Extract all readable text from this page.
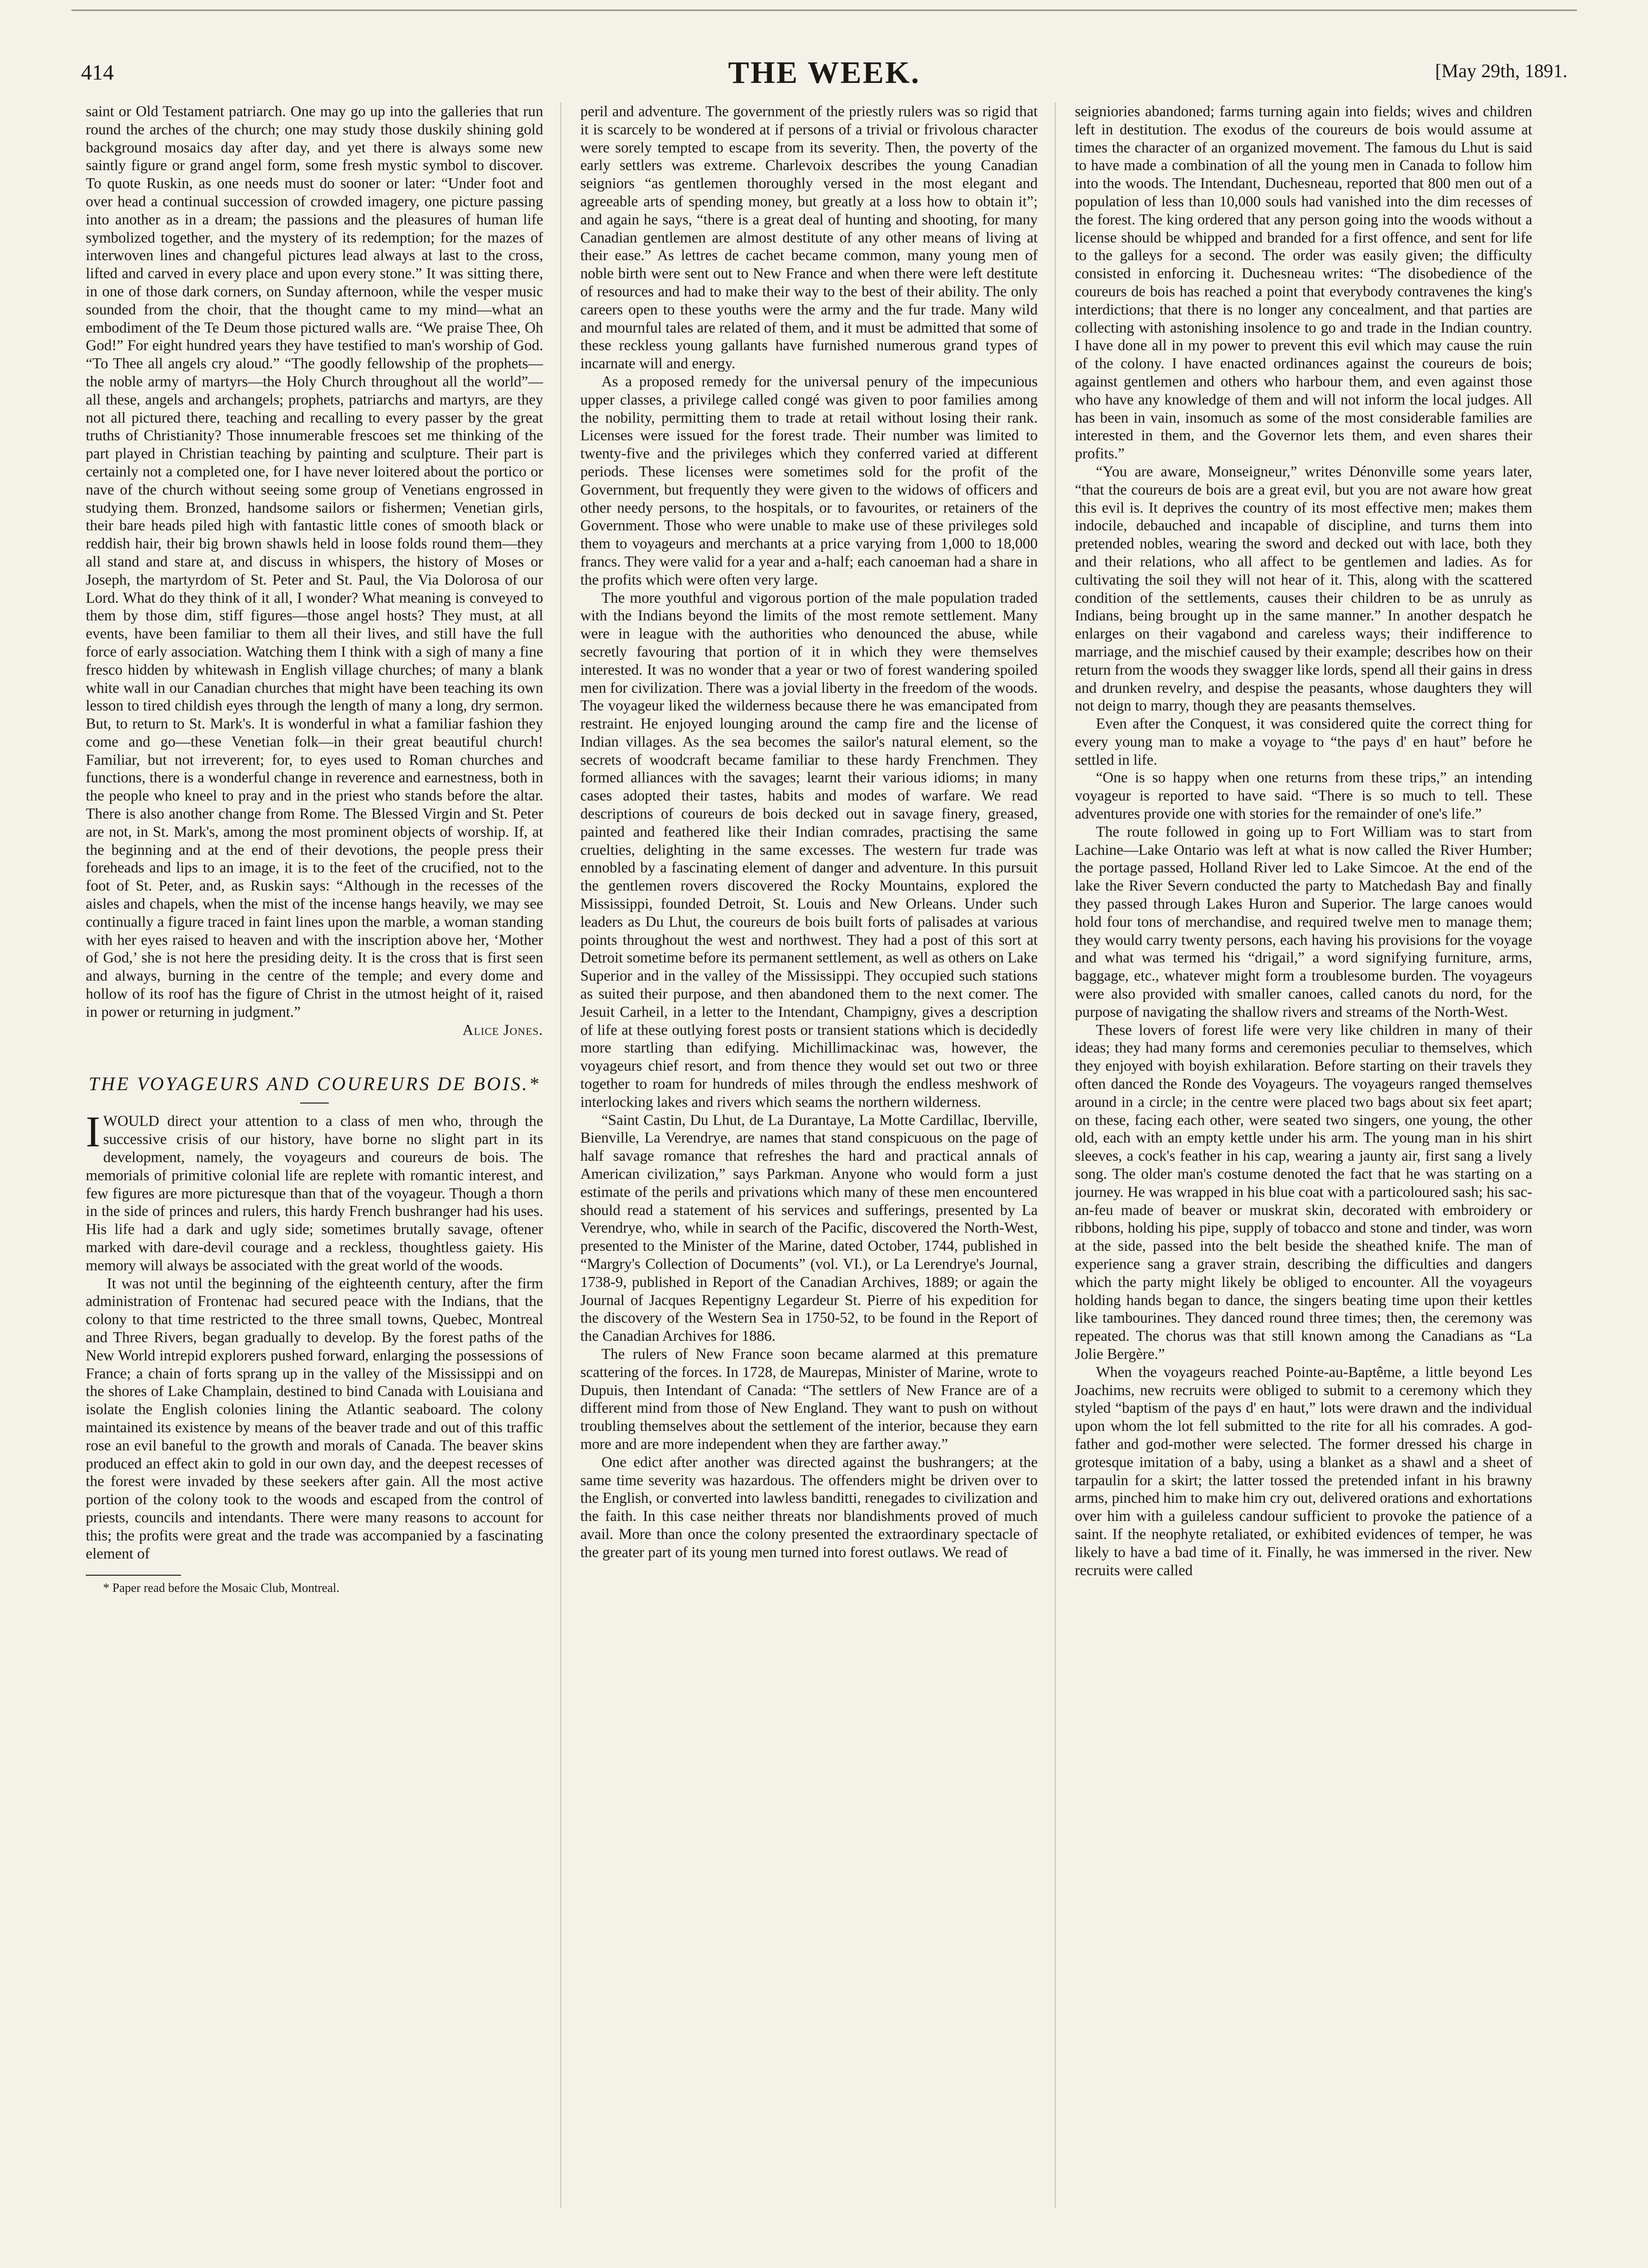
414	THE WEEK.	[May 29th, 1891.

saint or Old Testament patriarch. One may go up into the galleries that run round the arches of the church; one may study those duskily shining gold background mosaics day after day, and yet there is always some new saintly figure or grand angel form, some fresh mystic symbol to discover. To quote Ruskin, as one needs must do sooner or later: “Under foot and over head a continual succession of crowded imagery, one picture passing into another as in a dream; the passions and the pleasures of human life symbolized together, and the mystery of its redemption; for the mazes of interwoven lines and changeful pictures lead always at last to the cross, lifted and carved in every place and upon every stone.” It was sitting there, in one of those dark corners, on Sunday afternoon, while the vesper music sounded from the choir, that the thought came to my mind—what an embodiment of the Te Deum those pictured walls are. “We praise Thee, Oh God!” For eight hundred years they have testified to man's worship of God. “To Thee all angels cry aloud.” “The goodly fellowship of the prophets—the noble army of martyrs—the Holy Church throughout all the world”—all these, angels and archangels; prophets, patriarchs and martyrs, are they not all pictured there, teaching and recalling to every passer by the great truths of Christianity? Those innumerable frescoes set me thinking of the part played in Christian teaching by painting and sculpture. Their part is certainly not a completed one, for I have never loitered about the portico or nave of the church without seeing some group of Venetians engrossed in studying them. Bronzed, handsome sailors or fishermen; Venetian girls, their bare heads piled high with fantastic little cones of smooth black or reddish hair, their big brown shawls held in loose folds round them—they all stand and stare at, and discuss in whispers, the history of Moses or Joseph, the martyrdom of St. Peter and St. Paul, the Via Dolorosa of our Lord. What do they think of it all, I wonder? What meaning is conveyed to them by those dim, stiff figures—those angel hosts? They must, at all events, have been familiar to them all their lives, and still have the full force of early association. Watching them I think with a sigh of many a fine fresco hidden by whitewash in English village churches; of many a blank white wall in our Canadian churches that might have been teaching its own lesson to tired childish eyes through the length of many a long, dry sermon. But, to return to St. Mark's. It is wonderful in what a familiar fashion they come and go—these Venetian folk—in their great beautiful church! Familiar, but not irreverent; for, to eyes used to Roman churches and functions, there is a wonderful change in reverence and earnestness, both in the people who kneel to pray and in the priest who stands before the altar. There is also another change from Rome. The Blessed Virgin and St. Peter are not, in St. Mark's, among the most prominent objects of worship. If, at the beginning and at the end of their devotions, the people press their foreheads and lips to an image, it is to the feet of the crucified, not to the foot of St. Peter, and, as Ruskin says: “Although in the recesses of the aisles and chapels, when the mist of the incense hangs heavily, we may see continually a figure traced in faint lines upon the marble, a woman standing with her eyes raised to heaven and with the inscription above her, ‘Mother of God,’ she is not here the presiding deity. It is the cross that is first seen and always, burning in the centre of the temple; and every dome and hollow of its roof has the figure of Christ in the utmost height of it, raised in power or returning in judgment.”

Alice Jones.
THE VOYAGEURS AND COUREURS DE BOIS.*

IWOULD direct your attention to a class of men who, through the successive crisis of our history, have borne no slight part in its development, namely, the voyageurs and coureurs de bois. The memorials of primitive colonial life are replete with romantic interest, and few figures are more picturesque than that of the voyageur. Though a thorn in the side of princes and rulers, this hardy French bushranger had his uses. His life had a dark and ugly side; sometimes brutally savage, oftener marked with dare-devil courage and a reckless, thoughtless gaiety. His memory will always be associated with the great world of the woods.

It was not until the beginning of the eighteenth century, after the firm administration of Frontenac had secured peace with the Indians, that the colony to that time restricted to the three small towns, Quebec, Montreal and Three Rivers, began gradually to develop. By the forest paths of the New World intrepid explorers pushed forward, enlarging the possessions of France; a chain of forts sprang up in the valley of the Mississippi and on the shores of Lake Champlain, destined to bind Canada with Louisiana and isolate the English colonies lining the Atlantic seaboard. The colony maintained its existence by means of the beaver trade and out of this traffic rose an evil baneful to the growth and morals of Canada. The beaver skins produced an effect akin to gold in our own day, and the deepest recesses of the forest were invaded by these seekers after gain. All the most active portion of the colony took to the woods and escaped from the control of priests, councils and intendants. There were many reasons to account for this; the profits were great and the trade was accompanied by a fascinating element of

* Paper read before the Mosaic Club, Montreal.

peril and adventure. The government of the priestly rulers was so rigid that it is scarcely to be wondered at if persons of a trivial or frivolous character were sorely tempted to escape from its severity. Then, the poverty of the early settlers was extreme. Charlevoix describes the young Canadian seigniors “as gentlemen thoroughly versed in the most elegant and agreeable arts of spending money, but greatly at a loss how to obtain it”; and again he says, “there is a great deal of hunting and shooting, for many Canadian gentlemen are almost destitute of any other means of living at their ease.” As lettres de cachet became common, many young men of noble birth were sent out to New France and when there were left destitute of resources and had to make their way to the best of their ability. The only careers open to these youths were the army and the fur trade. Many wild and mournful tales are related of them, and it must be admitted that some of these reckless young gallants have furnished numerous grand types of incarnate will and energy.

As a proposed remedy for the universal penury of the impecunious upper classes, a privilege called congé was given to poor families among the nobility, permitting them to trade at retail without losing their rank. Licenses were issued for the forest trade. Their number was limited to twenty-five and the privileges which they conferred varied at different periods. These licenses were sometimes sold for the profit of the Government, but frequently they were given to the widows of officers and other needy persons, to the hospitals, or to favourites, or retainers of the Government. Those who were unable to make use of these privileges sold them to voyageurs and merchants at a price varying from 1,000 to 18,000 francs. They were valid for a year and a-half; each canoeman had a share in the profits which were often very large.

The more youthful and vigorous portion of the male population traded with the Indians beyond the limits of the most remote settlement. Many were in league with the authorities who denounced the abuse, while secretly favouring that portion of it in which they were themselves interested. It was no wonder that a year or two of forest wandering spoiled men for civilization. There was a jovial liberty in the freedom of the woods. The voyageur liked the wilderness because there he was emancipated from restraint. He enjoyed lounging around the camp fire and the license of Indian villages. As the sea becomes the sailor's natural element, so the secrets of woodcraft became familiar to these hardy Frenchmen. They formed alliances with the savages; learnt their various idioms; in many cases adopted their tastes, habits and modes of warfare. We read descriptions of coureurs de bois decked out in savage finery, greased, painted and feathered like their Indian comrades, practising the same cruelties, delighting in the same excesses. The western fur trade was ennobled by a fascinating element of danger and adventure. In this pursuit the gentlemen rovers discovered the Rocky Mountains, explored the Mississippi, founded Detroit, St. Louis and New Orleans. Under such leaders as Du Lhut, the coureurs de bois built forts of palisades at various points throughout the west and northwest. They had a post of this sort at Detroit sometime before its permanent settlement, as well as others on Lake Superior and in the valley of the Mississippi. They occupied such stations as suited their purpose, and then abandoned them to the next comer. The Jesuit Carheil, in a letter to the Intendant, Champigny, gives a description of life at these outlying forest posts or transient stations which is decidedly more startling than edifying. Michillimackinac was, however, the voyageurs chief resort, and from thence they would set out two or three together to roam for hundreds of miles through the endless meshwork of interlocking lakes and rivers which seams the northern wilderness.

“Saint Castin, Du Lhut, de La Durantaye, La Motte Cardillac, Iberville, Bienville, La Verendrye, are names that stand conspicuous on the page of half savage romance that refreshes the hard and practical annals of American civilization,” says Parkman. Anyone who would form a just estimate of the perils and privations which many of these men encountered should read a statement of his services and sufferings, presented by La Verendrye, who, while in search of the Pacific, discovered the North-West, presented to the Minister of the Marine, dated October, 1744, published in “Margry's Collection of Documents” (vol. VI.), or La Lerendrye's Journal, 1738-9, published in Report of the Canadian Archives, 1889; or again the Journal of Jacques Repentigny Legardeur St. Pierre of his expedition for the discovery of the Western Sea in 1750-52, to be found in the Report of the Canadian Archives for 1886.

The rulers of New France soon became alarmed at this premature scattering of the forces. In 1728, de Maurepas, Minister of Marine, wrote to Dupuis, then Intendant of Canada: “The settlers of New France are of a different mind from those of New England. They want to push on without troubling themselves about the settlement of the interior, because they earn more and are more independent when they are farther away.”

One edict after another was directed against the bushrangers; at the same time severity was hazardous. The offenders might be driven over to the English, or converted into lawless banditti, renegades to civilization and the faith. In this case neither threats nor blandishments proved of much avail. More than once the colony presented the extraordinary spectacle of the greater part of its young men turned into forest outlaws. We read of

seigniories abandoned; farms turning again into fields; wives and children left in destitution. The exodus of the coureurs de bois would assume at times the character of an organized movement. The famous du Lhut is said to have made a combination of all the young men in Canada to follow him into the woods. The Intendant, Duchesneau, reported that 800 men out of a population of less than 10,000 souls had vanished into the dim recesses of the forest. The king ordered that any person going into the woods without a license should be whipped and branded for a first offence, and sent for life to the galleys for a second. The order was easily given; the difficulty consisted in enforcing it. Duchesneau writes: “The disobedience of the coureurs de bois has reached a point that everybody contravenes the king's interdictions; that there is no longer any concealment, and that parties are collecting with astonishing insolence to go and trade in the Indian country. I have done all in my power to prevent this evil which may cause the ruin of the colony. I have enacted ordinances against the coureurs de bois; against gentlemen and others who harbour them, and even against those who have any knowledge of them and will not inform the local judges. All has been in vain, insomuch as some of the most considerable families are interested in them, and the Governor lets them, and even shares their profits.”

“You are aware, Monseigneur,” writes Dénonville some years later, “that the coureurs de bois are a great evil, but you are not aware how great this evil is. It deprives the country of its most effective men; makes them indocile, debauched and incapable of discipline, and turns them into pretended nobles, wearing the sword and decked out with lace, both they and their relations, who all affect to be gentlemen and ladies. As for cultivating the soil they will not hear of it. This, along with the scattered condition of the settlements, causes their children to be as unruly as Indians, being brought up in the same manner.” In another despatch he enlarges on their vagabond and careless ways; their indifference to marriage, and the mischief caused by their example; describes how on their return from the woods they swagger like lords, spend all their gains in dress and drunken revelry, and despise the peasants, whose daughters they will not deign to marry, though they are peasants themselves.

Even after the Conquest, it was considered quite the correct thing for every young man to make a voyage to “the pays d' en haut” before he settled in life.

“One is so happy when one returns from these trips,” an intending voyageur is reported to have said. “There is so much to tell. These adventures provide one with stories for the remainder of one's life.”

The route followed in going up to Fort William was to start from Lachine—Lake Ontario was left at what is now called the River Humber; the portage passed, Holland River led to Lake Simcoe. At the end of the lake the River Severn conducted the party to Matchedash Bay and finally they passed through Lakes Huron and Superior. The large canoes would hold four tons of merchandise, and required twelve men to manage them; they would carry twenty persons, each having his provisions for the voyage and what was termed his “drigail,” a word signifying furniture, arms, baggage, etc., whatever might form a troublesome burden. The voyageurs were also provided with smaller canoes, called canots du nord, for the purpose of navigating the shallow rivers and streams of the North-West.

These lovers of forest life were very like children in many of their ideas; they had many forms and ceremonies peculiar to themselves, which they enjoyed with boyish exhilaration. Before starting on their travels they often danced the Ronde des Voyageurs. The voyageurs ranged themselves around in a circle; in the centre were placed two bags about six feet apart; on these, facing each other, were seated two singers, one young, the other old, each with an empty kettle under his arm. The young man in his shirt sleeves, a cock's feather in his cap, wearing a jaunty air, first sang a lively song. The older man's costume denoted the fact that he was starting on a journey. He was wrapped in his blue coat with a particoloured sash; his sac-an-feu made of beaver or muskrat skin, decorated with embroidery or ribbons, holding his pipe, supply of tobacco and stone and tinder, was worn at the side, passed into the belt beside the sheathed knife. The man of experience sang a graver strain, describing the difficulties and dangers which the party might likely be obliged to encounter. All the voyageurs holding hands began to dance, the singers beating time upon their kettles like tambourines. They danced round three times; then, the ceremony was repeated. The chorus was that still known among the Canadians as “La Jolie Bergère.”

When the voyageurs reached Pointe-au-Baptême, a little beyond Les Joachims, new recruits were obliged to submit to a ceremony which they styled “baptism of the pays d' en haut,” lots were drawn and the individual upon whom the lot fell submitted to the rite for all his comrades. A god-father and god-mother were selected. The former dressed his charge in grotesque imitation of a baby, using a blanket as a shawl and a sheet of tarpaulin for a skirt; the latter tossed the pretended infant in his brawny arms, pinched him to make him cry out, delivered orations and exhortations over him with a guileless candour sufficient to provoke the patience of a saint. If the neophyte retaliated, or exhibited evidences of temper, he was likely to have a bad time of it. Finally, he was immersed in the river. New recruits were called
